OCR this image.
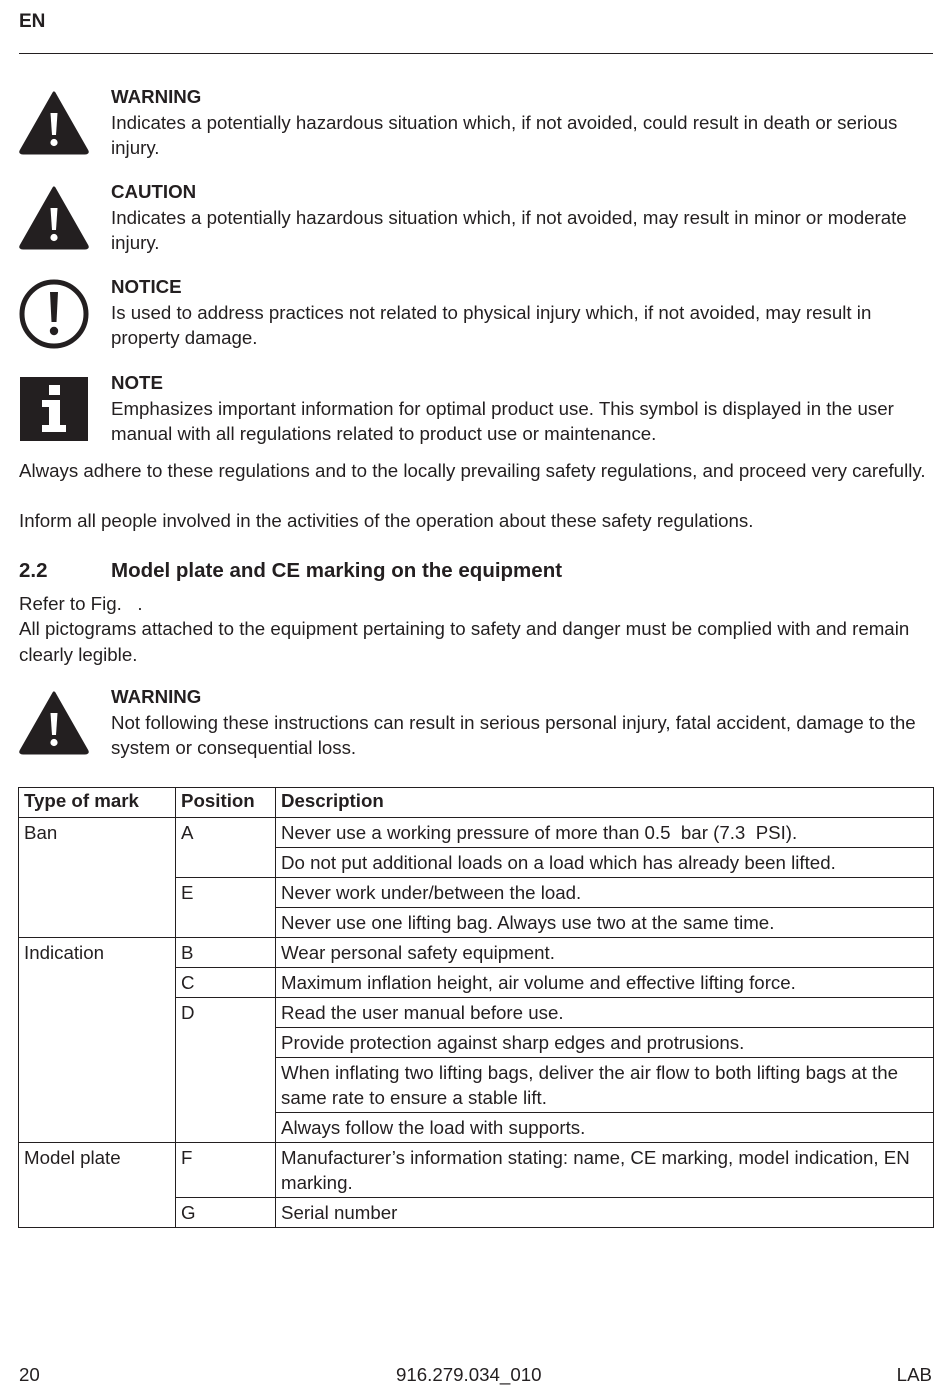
EN
WARNING
Indicates a potentially hazardous situation which, if not avoided, could result in death or serious injury.
CAUTION
Indicates a potentially hazardous situation which, if not avoided, may result in minor or moderate injury.
NOTICE
Is used to address practices not related to physical injury which, if not avoided, may result in property damage.
NOTE
Emphasizes important information for optimal product use. This symbol is displayed in the user manual with all regulations related to product use or maintenance.
Always adhere to these regulations and to the locally prevailing safety regulations, and proceed very carefully.
Inform all people involved in the activities of the operation about these safety regulations.
2.2	Model plate and CE marking on the equipment
Refer to Fig.   .
All pictograms attached to the equipment pertaining to safety and danger must be complied with and remain clearly legible.
WARNING
Not following these instructions can result in serious personal injury, fatal accident, damage to the system or consequential loss.
Type of mark	Position	Description
Ban	A	Never use a working pressure of more than 0.5  bar (7.3  PSI).
		Do not put additional loads on a load which has already been lifted.
	E	Never work under/between the load.
		Never use one lifting bag. Always use two at the same time.
Indication	B	Wear personal safety equipment.
	C	Maximum inflation height, air volume and effective lifting force.
	D	Read the user manual before use.
		Provide protection against sharp edges and protrusions.
		When inflating two lifting bags, deliver the air flow to both lifting bags at the same rate to ensure a stable lift.
		Always follow the load with supports.
Model plate	F	Manufacturer’s information stating: name, CE marking, model indication, EN marking.
	G	Serial number
20	916.279.034_010	LAB
